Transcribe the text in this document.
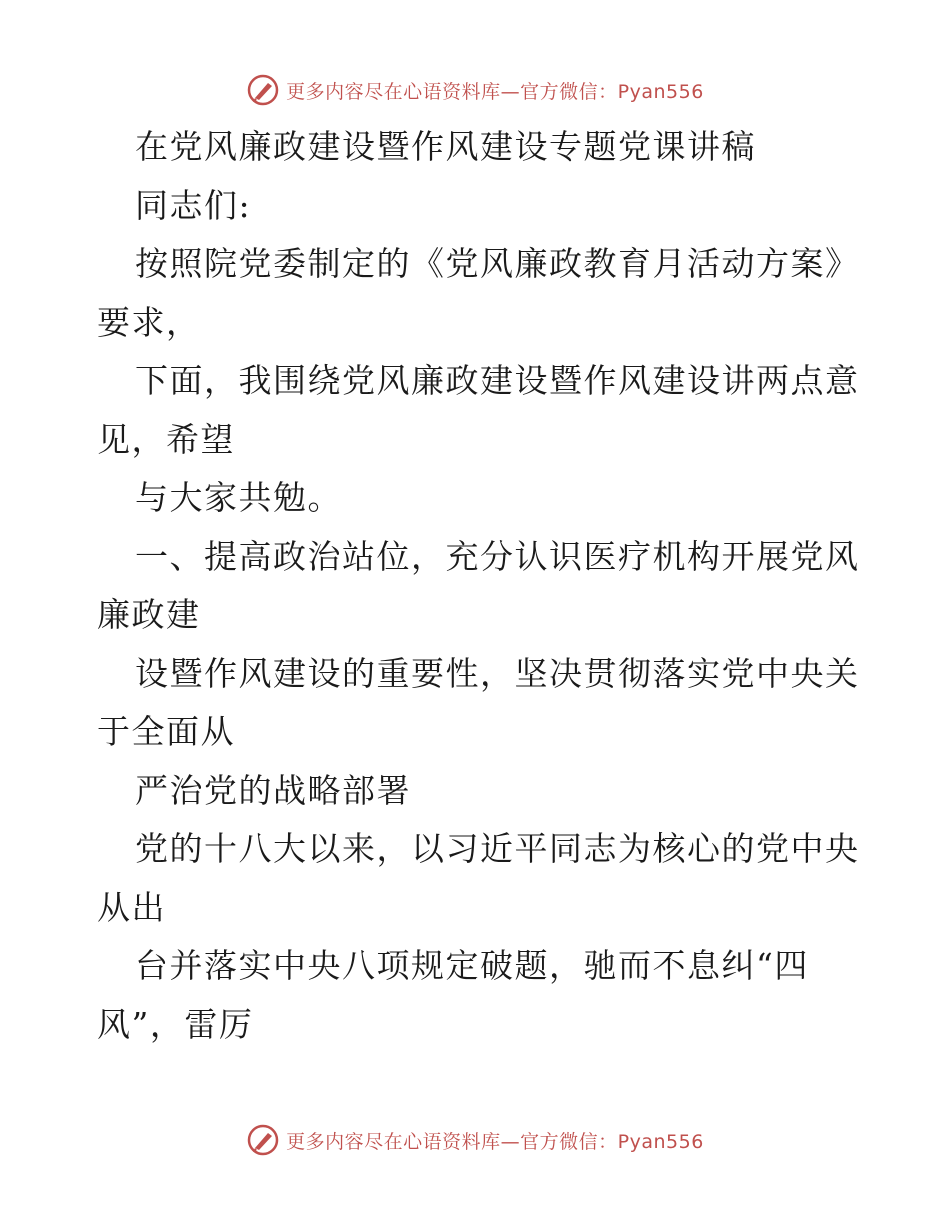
更多内容尽在心语资料库—官方微信：Pyan556
在党风廉政建设暨作风建设专题党课讲稿
同志们:
按照院党委制定的《党风廉政教育月活动方案》
要求，
下面，我围绕党风廉政建设暨作风建设讲两点意
见，希望
与大家共勉。
一、提高政治站位，充分认识医疗机构开展党风
廉政建
设暨作风建设的重要性，坚决贯彻落实党中央关
于全面从
严治党的战略部署
党的十八大以来，以习近平同志为核心的党中央
从出
台并落实中央八项规定破题，驰而不息纠“四
风”，雷厉
更多内容尽在心语资料库—官方微信：Pyan556
